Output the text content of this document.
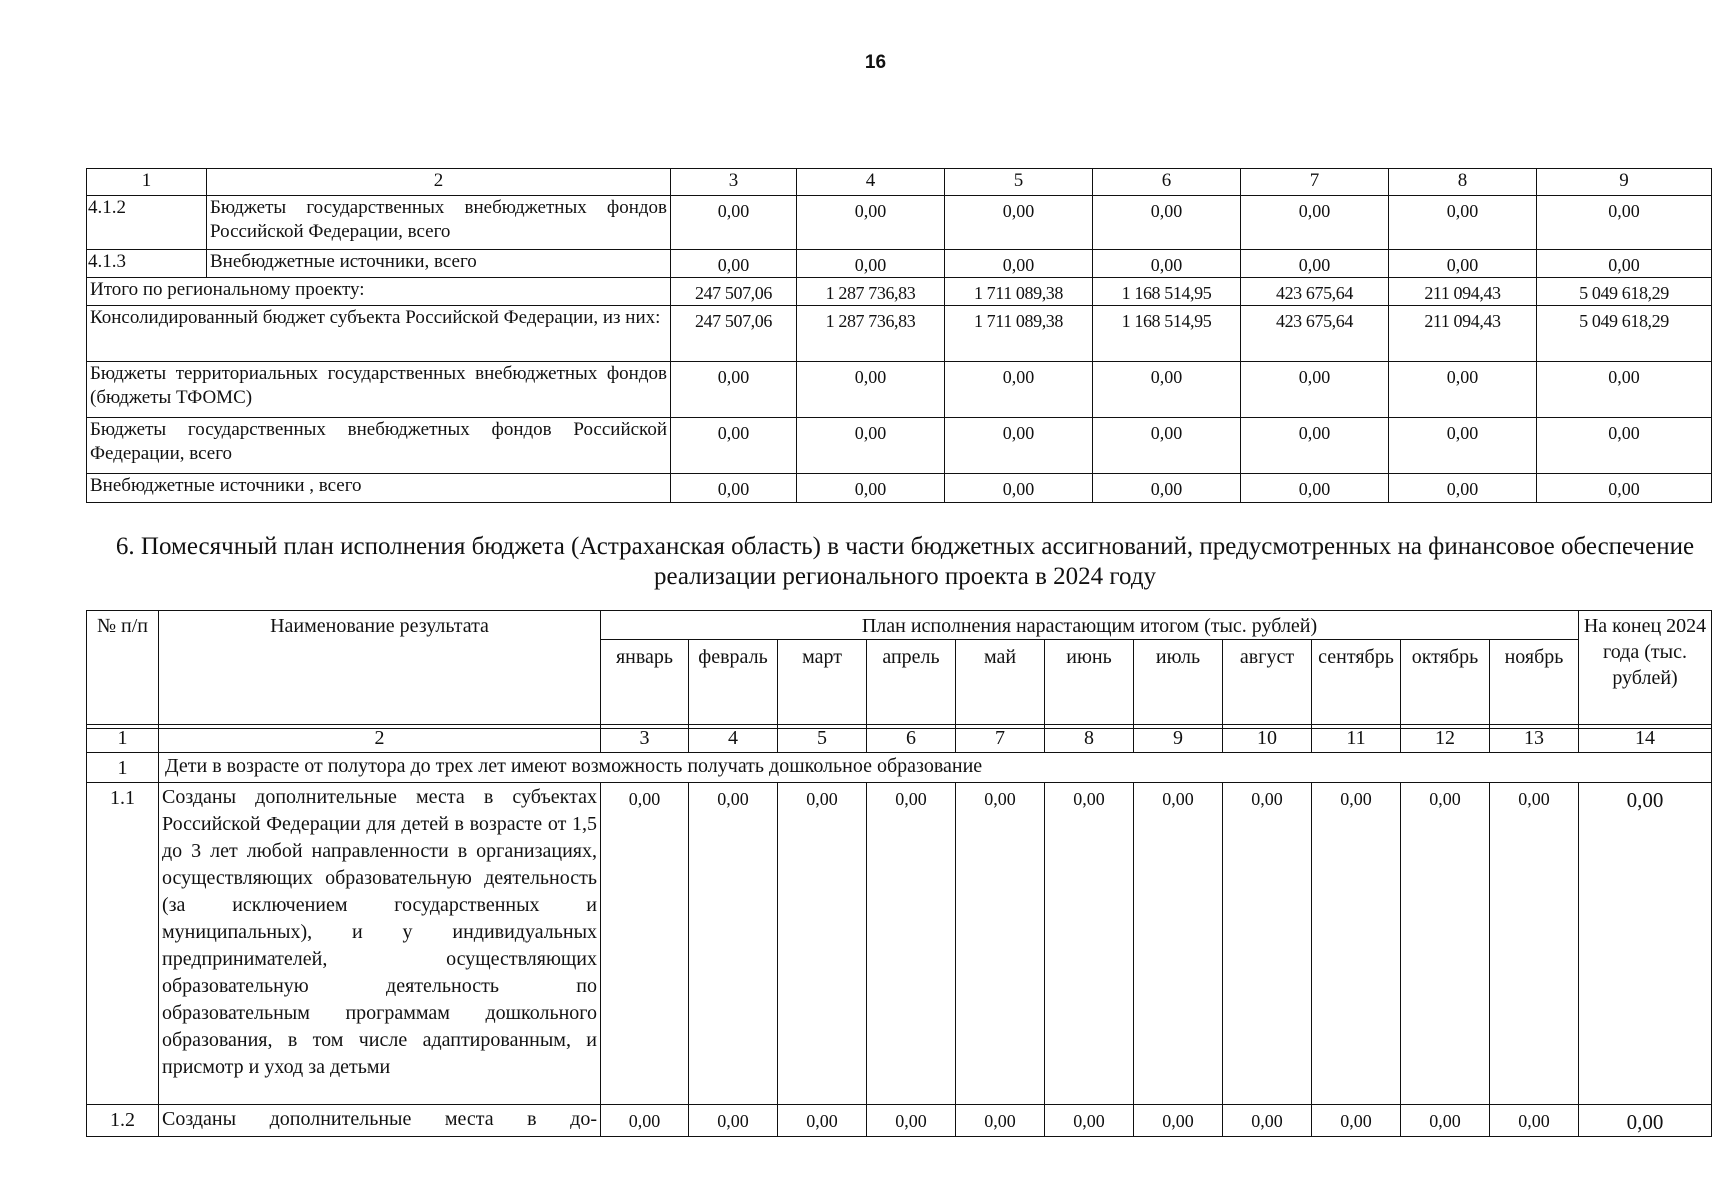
16
1	2	3	4	5	6	7	8	9
4.1.2	Бюджеты государственных внебюджетных фондов Российской Федерации, всего	0,00	0,00	0,00	0,00	0,00	0,00	0,00
4.1.3	Внебюджетные источники, всего	0,00	0,00	0,00	0,00	0,00	0,00	0,00
Итого по региональному проекту:		247 507,06	1 287 736,83	1 711 089,38	1 168 514,95	423 675,64	211 094,43	5 049 618,29
Консолидированный бюджет субъекта Российской Федерации, из них:		247 507,06	1 287 736,83	1 711 089,38	1 168 514,95	423 675,64	211 094,43	5 049 618,29
Бюджеты территориальных государственных внебюджетных фондов (бюджеты ТФОМС)		0,00	0,00	0,00	0,00	0,00	0,00	0,00
Бюджеты государственных внебюджетных фондов Российской Федерации, всего		0,00	0,00	0,00	0,00	0,00	0,00	0,00
Внебюджетные источники , всего		0,00	0,00	0,00	0,00	0,00	0,00	0,00
6. Помесячный план исполнения бюджета (Астраханская область) в части бюджетных ассигнований, предусмотренных на финансовое обеспечение реализации регионального проекта в 2024 году
№ п/п	Наименование результата	План исполнения нарастающим итогом (тыс. рублей)											На конец 2024 года (тыс. рублей)
		январь	февраль	март	апрель	май	июнь	июль	август	сентябрь	октябрь	ноябрь	
1	2	3	4	5	6	7	8	9	10	11	12	13	14
1	Дети в возрасте от полутора до трех лет имеют возможность получать дошкольное образование												
1.1	Созданы дополнительные места в субъектах Российской Федерации для детей в возрасте от 1,5 до 3 лет любой направленности в организациях, осуществляющих образовательную деятельность (за исключением государственных и муниципальных), и у индивидуальных предпринимателей, осуществляющих образовательную деятельность по образовательным программам дошкольного образования, в том числе адаптированным, и присмотр и уход за детьми	0,00	0,00	0,00	0,00	0,00	0,00	0,00	0,00	0,00	0,00	0,00	0,00
1.2	Созданы дополнительные места в до-	0,00	0,00	0,00	0,00	0,00	0,00	0,00	0,00	0,00	0,00	0,00	0,00
